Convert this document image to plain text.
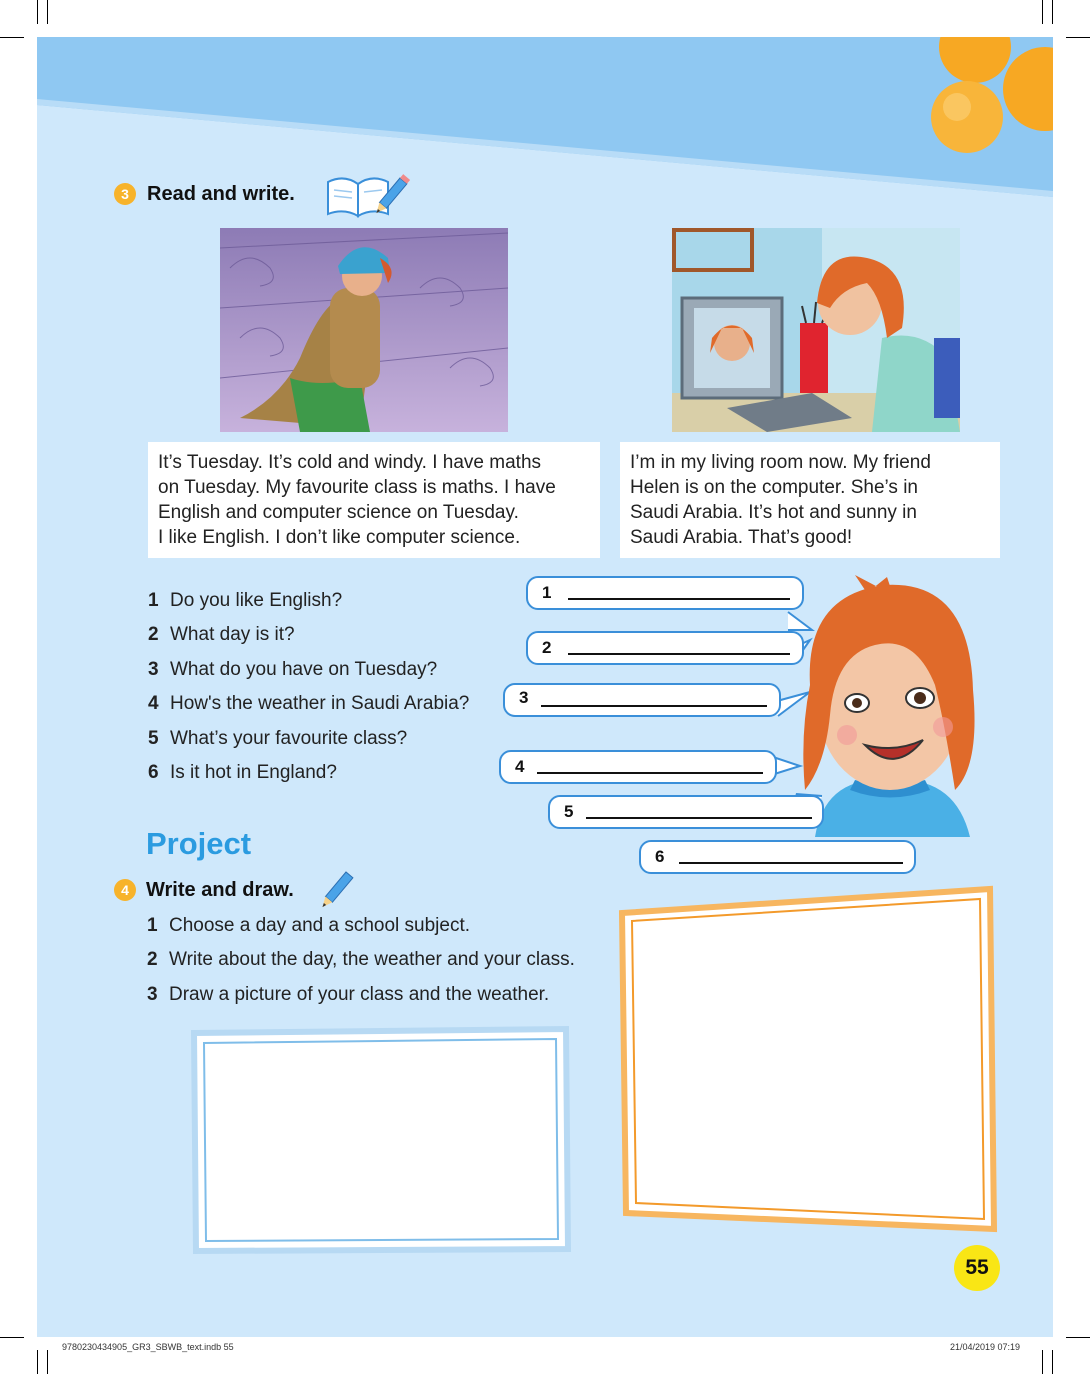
3 Read and write.

It’s Tuesday. It’s cold and windy. I have maths

on Tuesday. My favourite class is maths. I have

English and computer science on Tuesday.

I like English. I don’t like computer science.

I’m in my living room now. My friend

Helen is on the computer. She’s in

Saudi Arabia. It’s hot and sunny in

Saudi Arabia. That’s good!

1 Do you like English?
2 What day is it?
3 What do you have on Tuesday?
4 How's the weather in Saudi Arabia?
5 What’s your favourite class?
6 Is it hot in England?
1
2
3
4
5
6
Project
4 Write and draw.
1 Choose a day and a school subject.
2 Write about the day, the weather and your class.
3 Draw a picture of your class and the weather.
55
9780230434905_GR3_SBWB_text.indb 55	21/04/2019 07:19
